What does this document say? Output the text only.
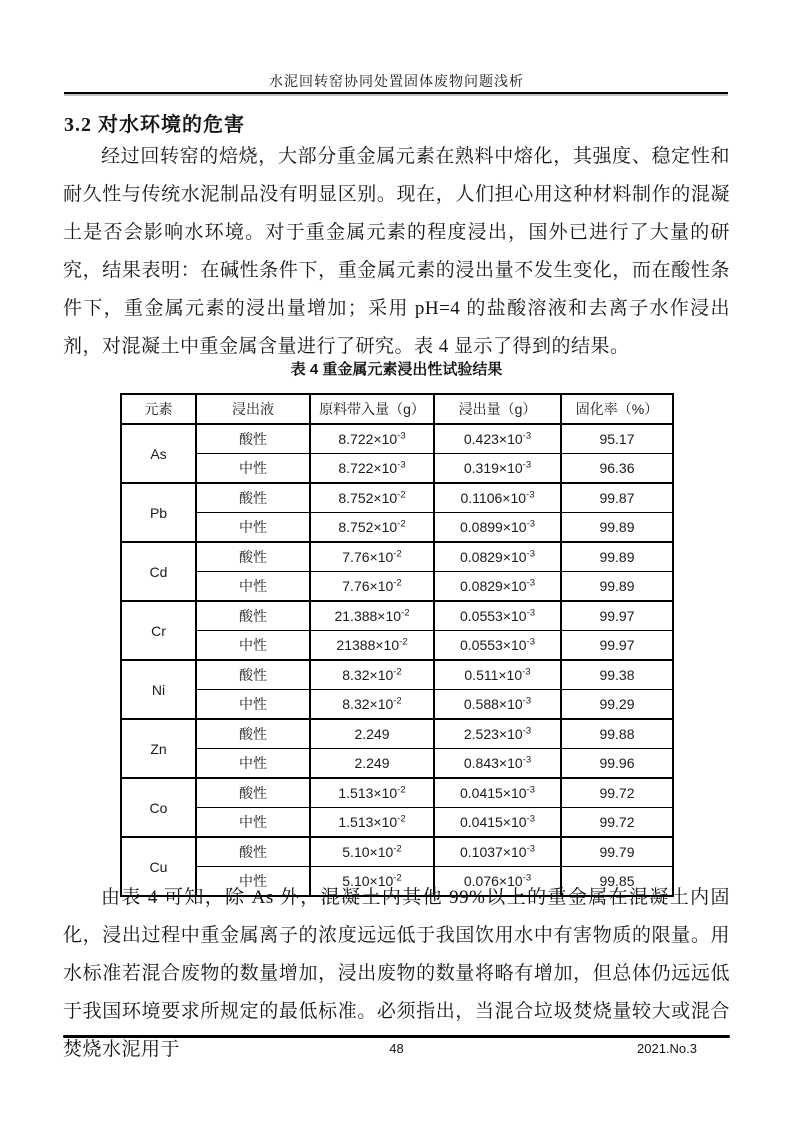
水泥回转窑协同处置固体废物问题浅析
3.2 对水环境的危害
经过回转窑的焙烧，大部分重金属元素在熟料中熔化，其强度、稳定性和耐久性与传统水泥制品没有明显区别。现在，人们担心用这种材料制作的混凝土是否会影响水环境。对于重金属元素的程度浸出，国外已进行了大量的研究，结果表明：在碱性条件下，重金属元素的浸出量不发生变化，而在酸性条件下，重金属元素的浸出量增加；采用 pH=4 的盐酸溶液和去离子水作浸出剂，对混凝土中重金属含量进行了研究。表 4 显示了得到的结果。
表 4 重金属元素浸出性试验结果
元素	浸出液	原料带入量（g）	浸出量（g）	固化率（%）
As	酸性	$8.722\times 10^{-3}$	$0.423\times 10^{-3}$	95.17
	中性	$8.722\times 10^{-3}$	$0.319\times 10^{-3}$	96.36
Pb	酸性	$8.752\times 10^{-2}$	$0.1106\times 10^{-3}$	99.87
	中性	$8.752\times 10^{-2}$	$0.0899\times 10^{-3}$	99.89
Cd	酸性	$7.76\times 10^{-2}$	$0.0829\times 10^{-3}$	99.89
	中性	$7.76\times 10^{-2}$	$0.0829\times 10^{-3}$	99.89
Cr	酸性	$21.388\times 10^{-2}$	$0.0553\times 10^{-3}$	99.97
	中性	$21388\times 10^{-2}$	$0.0553\times 10^{-3}$	99.97
Ni	酸性	$8.32\times 10^{-2}$	$0.511\times 10^{-3}$	99.38
	中性	$8.32\times 10^{-2}$	$0.588\times 10^{-3}$	99.29
Zn	酸性	2.249	$2.523\times 10^{-3}$	99.88
	中性	2.249	$0.843\times 10^{-3}$	99.96
Co	酸性	$1.513\times 10^{-2}$	$0.0415\times 10^{-3}$	99.72
	中性	$1.513\times 10^{-2}$	$0.0415\times 10^{-3}$	99.72
Cu	酸性	$5.10\times 10^{-2}$	$0.1037\times 10^{-3}$	99.79
	中性	$5.10\times 10^{-2}$	$0.076\times 10^{-3}$	99.85
由表 4 可知，除 As 外，混凝土内其他 99%以上的重金属在混凝土内固化，浸出过程中重金属离子的浓度远远低于我国饮用水中有害物质的限量。用水标准若混合废物的数量增加，浸出废物的数量将略有增加，但总体仍远远低于我国环境要求所规定的最低标准。必须指出，当混合垃圾焚烧量较大或混合焚烧水泥用于	48	2021.No.3
